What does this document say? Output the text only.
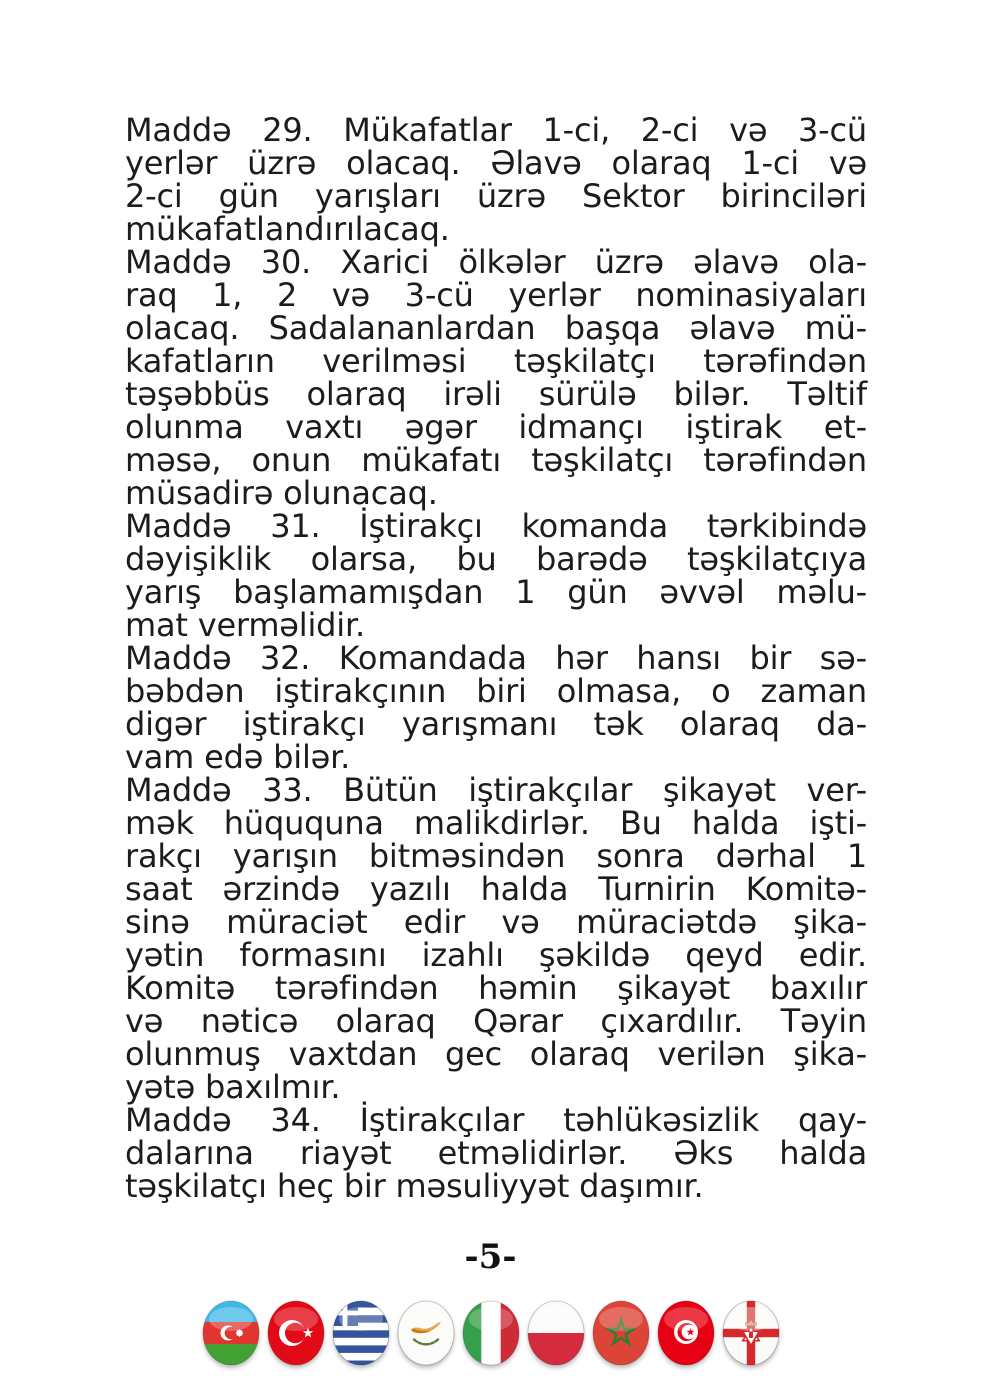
Maddə 29. Mükafatlar 1-ci, 2-ci və 3-cü
yerlər üzrə olacaq. Əlavə olaraq 1-ci və
2-ci gün yarışları üzrə Sektor birinciləri
mükafatlandırılacaq.
Maddə 30. Xarici ölkələr üzrə əlavə ola-
raq 1, 2 və 3-cü yerlər nominasiyaları
olacaq. Sadalananlardan başqa əlavə mü-
kafatların verilməsi təşkilatçı tərəfindən
təşəbbüs olaraq irəli sürülə bilər. Təltif
olunma vaxtı əgər idmançı iştirak et-
məsə, onun mükafatı təşkilatçı tərəfindən
müsadirə olunacaq.
Maddə 31. İştirakçı komanda tərkibində
dəyişiklik olarsa, bu barədə təşkilatçıya
yarış başlamamışdan 1 gün əvvəl məlu-
mat verməlidir.
Maddə 32. Komandada hər hansı bir sə-
bəbdən iştirakçının biri olmasa, o zaman
digər iştirakçı yarışmanı tək olaraq da-
vam edə bilər.
Maddə 33. Bütün iştirakçılar şikayət ver-
mək hüququna malikdirlər. Bu halda işti-
rakçı yarışın bitməsindən sonra dərhal 1
saat ərzində yazılı halda Turnirin Komitə-
sinə müraciət edir və müraciətdə şika-
yətin formasını izahlı şəkildə qeyd edir.
Komitə tərəfindən həmin şikayət baxılır
və nəticə olaraq Qərar çıxardılır. Təyin
olunmuş vaxtdan gec olaraq verilən şika-
yətə baxılmır.
Maddə 34. İştirakçılar təhlükəsizlik qay-
dalarına riayət etməlidirlər. Əks halda
təşkilatçı heç bir məsuliyyət daşımır.
-5-
